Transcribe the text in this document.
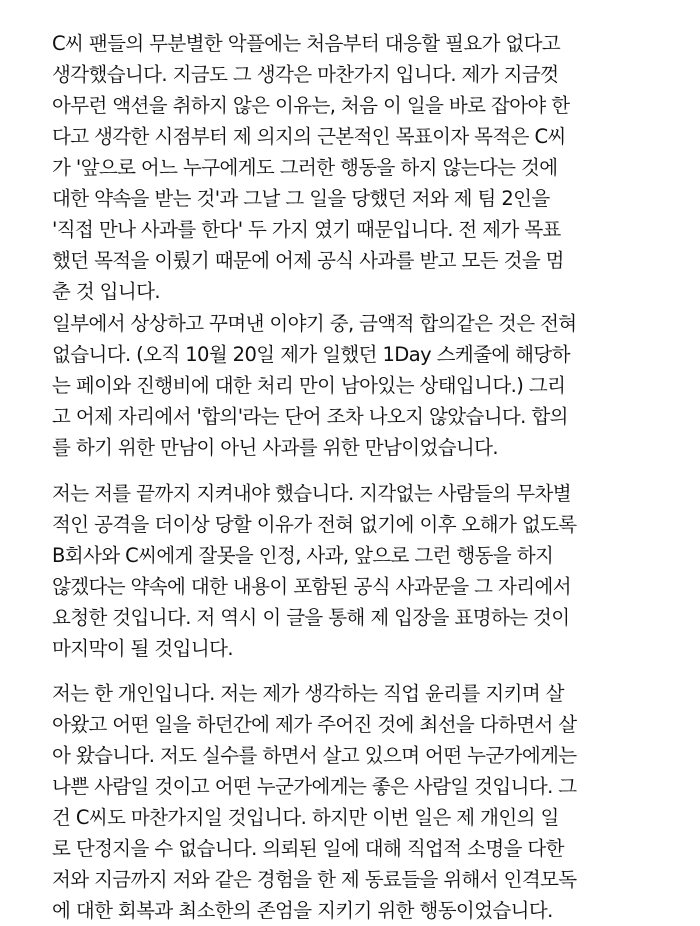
C씨 팬들의 무분별한 악플에는 처음부터 대응할 필요가 없다고
생각했습니다. 지금도 그 생각은 마찬가지 입니다. 제가 지금껏
아무런 액션을 취하지 않은 이유는, 처음 이 일을 바로 잡아야 한
다고 생각한 시점부터 제 의지의 근본적인 목표이자 목적은 C씨
가 '앞으로 어느 누구에게도 그러한 행동을 하지 않는다는 것에
대한 약속을 받는 것'과 그날 그 일을 당했던 저와 제 팀 2인을
'직접 만나 사과를 한다' 두 가지 였기 때문입니다. 전 제가 목표
했던 목적을 이뤘기 때문에 어제 공식 사과를 받고 모든 것을 멈
춘 것 입니다.
일부에서 상상하고 꾸며낸 이야기 중, 금액적 합의같은 것은 전혀
없습니다. (오직 10월 20일 제가 일했던 1Day 스케줄에 해당하
는 페이와 진행비에 대한 처리 만이 남아있는 상태입니다.) 그리
고 어제 자리에서 '합의'라는 단어 조차 나오지 않았습니다. 합의
를 하기 위한 만남이 아닌 사과를 위한 만남이었습니다.
저는 저를 끝까지 지켜내야 했습니다. 지각없는 사람들의 무차별
적인 공격을 더이상 당할 이유가 전혀 없기에 이후 오해가 없도록
B회사와 C씨에게 잘못을 인정, 사과, 앞으로 그런 행동을 하지
않겠다는 약속에 대한 내용이 포함된 공식 사과문을 그 자리에서
요청한 것입니다. 저 역시 이 글을 통해 제 입장을 표명하는 것이
마지막이 될 것입니다.
저는 한 개인입니다. 저는 제가 생각하는 직업 윤리를 지키며 살
아왔고 어떤 일을 하던간에 제가 주어진 것에 최선을 다하면서 살
아 왔습니다. 저도 실수를 하면서 살고 있으며 어떤 누군가에게는
나쁜 사람일 것이고 어떤 누군가에게는 좋은 사람일 것입니다. 그
건 C씨도 마찬가지일 것입니다. 하지만 이번 일은 제 개인의 일
로 단정지을 수 없습니다. 의뢰된 일에 대해 직업적 소명을 다한
저와 지금까지 저와 같은 경험을 한 제 동료들을 위해서 인격모독
에 대한 회복과 최소한의 존엄을 지키기 위한 행동이었습니다.
